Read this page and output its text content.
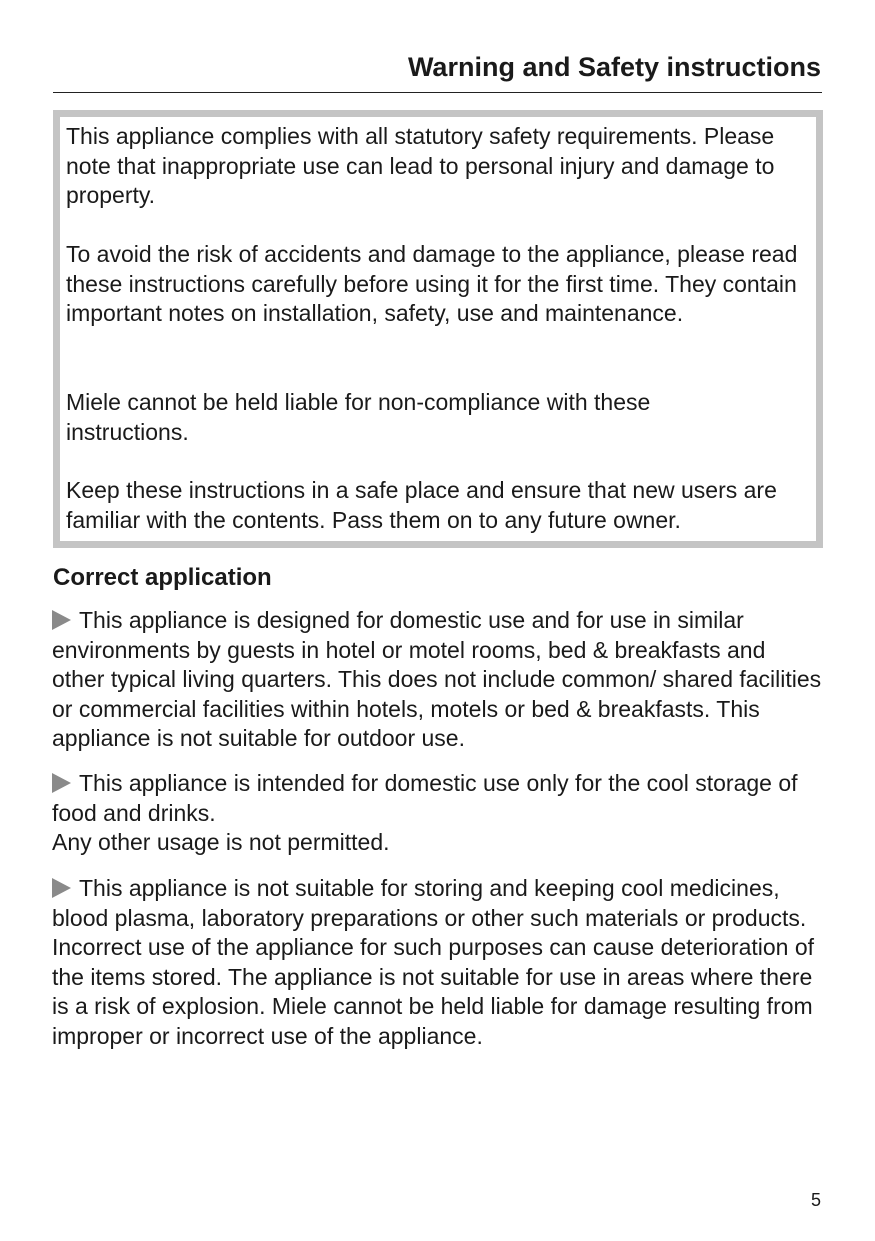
Warning and Safety instructions

This appliance complies with all statutory safety requirements. Please note that inappropriate use can lead to personal injury and damage to property.

To avoid the risk of accidents and damage to the appliance, please read these instructions carefully before using it for the first time. They contain important notes on installation, safety, use and maintenance.

Miele cannot be held liable for non-compliance with these instructions.

Keep these instructions in a safe place and ensure that new users are familiar with the contents. Pass them on to any future owner.

Correct application

This appliance is designed for domestic use and for use in similar environments by guests in hotel or motel rooms, bed & breakfasts and other typical living quarters. This does not include common/ shared facilities or commercial facilities within hotels, motels or bed & breakfasts. This appliance is not suitable for outdoor use.

This appliance is intended for domestic use only for the cool storage of food and drinks.
Any other usage is not permitted.

This appliance is not suitable for storing and keeping cool medicines, blood plasma, laboratory preparations or other such materials or products. Incorrect use of the appliance for such purposes can cause deterioration of the items stored. The appliance is not suitable for use in areas where there is a risk of explosion. Miele cannot be held liable for damage resulting from improper or incorrect use of the appliance.

5
